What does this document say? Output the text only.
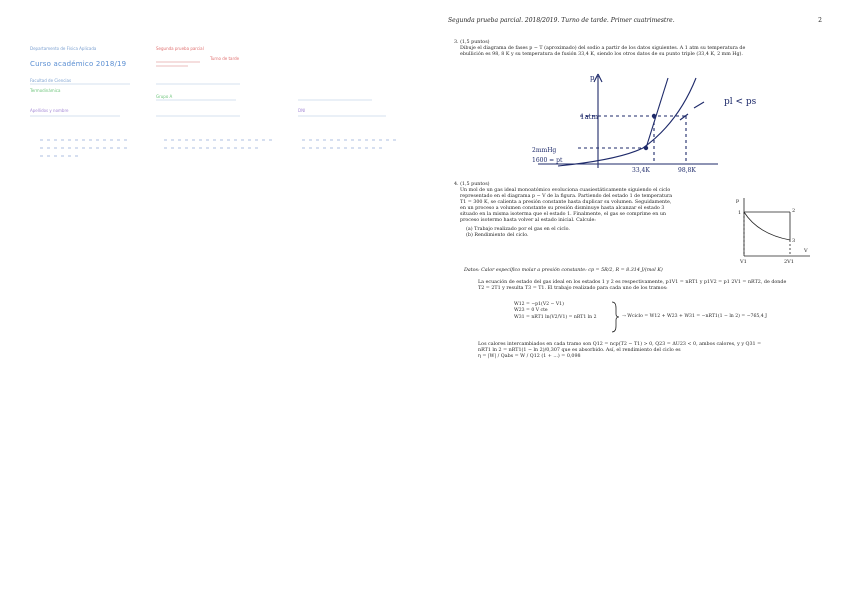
Departamento de Física Aplicada
Curso académico 2018/19
Facultad de Ciencias
Termodinámica
Grupo A
Segunda prueba parcial
Turno de tarde
Apellidos y nombre	DNI
Segunda prueba parcial. 2018/2019. Turno de tarde. Primer cuatrimestre.	2
3. (1,5 puntos)
Dibuje el diagrama de fases p − T (aproximado) del sodio a partir de los datos siguientes. A 1 atm su temperatura de
ebullición es 98, 8 K y su temperatura de fusión 33,4 K, siendo los otros datos de su punto triple (33,4 K, 2 mm Hg).
p
1atm
2mmHg
1600 = pt
33,4K	98,8K
pl < ps
4. (1,5 puntos)
Un mol de un gas ideal monoatómico evoluciona cuasiestáticamente siguiendo el ciclo
representado en el diagrama p − V de la figura. Partiendo del estado 1 de temperatura
T1 = 300 K, se calienta a presión constante hasta duplicar su volumen. Seguidamente,
en un proceso a volumen constante su presión disminuye hasta alcanzar el estado 3
situado en la misma isoterma que el estado 1. Finalmente, el gas se comprime en un
proceso isotermo hasta volver al estado inicial. Calcule:
(a) Trabajo realizado por el gas en el ciclo.
(b) Rendimiento del ciclo.
p
V
1	2
3
V1	2V1
Datos: Calor específico molar a presión constante: cp = 5R/2, R = 8.314 J/(mol K)
La ecuación de estado del gas ideal en los estados 1 y 2 es respectivamente, p1V1 = nRT1 y p1V2 = p1 2V1 = nRT2, de donde
T2 = 2T1 y resulta T3 = T1. El trabajo realizado para cada uno de los tramos:
W12 = −p1(V2 − V1)
W23 = 0 V cte
W31 = nRT1 ln(V2/V1) = nRT1 ln 2	→ Wciclo = W12 + W23 + W31 = −nRT1(1 − ln 2) = −765,4 J
Los calores intercambiados en cada tramo son Q12 = ncp(T2 − T1) > 0, Q23 = ΔU23 < 0, ambos calores, y y Q31 =
nRT1 ln 2 = nRT1(1 − ln 2)/0,307 que es absorbido. Así, el rendimiento del ciclo es
η = |W| / Qabs = W / Q12 (1 + ...) = 0,098
